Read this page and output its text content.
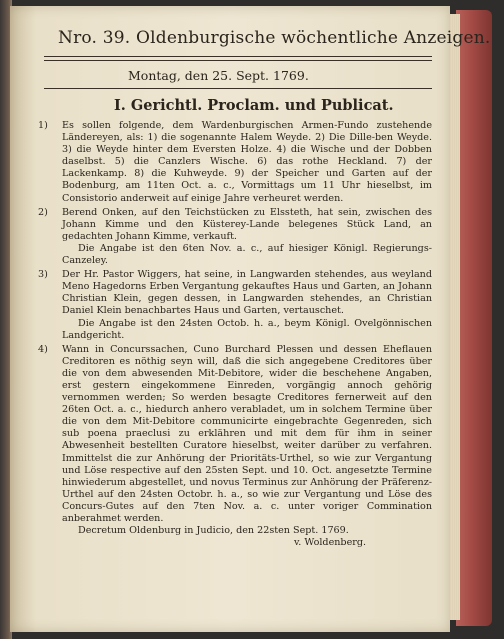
Nro. 39. Oldenburgische wöchentliche Anzeigen.
Montag, den 25. Sept. 1769.
I. Gerichtl. Proclam. und Publicat.
1)	Es sollen folgende, dem Wardenburgischen Armen-Fundo zustehende Ländereyen, als: 1) die sogenannte Halem Weyde. 2) Die Dille-ben Weyde. 3) die Weyde hinter dem Eversten Holze. 4) die Wische und der Dobben daselbst. 5) die Canzlers Wische. 6) das rothe Heckland. 7) der Lackenkamp. 8) die Kuhweyde. 9) der Speicher und Garten auf der Bodenburg, am 11ten Oct. a. c., Vormittags um 11 Uhr hieselbst, im Consistorio anderweit auf einige Jahre verheuret werden.
2)	Berend Onken, auf den Teichstücken zu Elssteth, hat sein, zwischen des Johann Kimme und den Küsterey-Lande belegenes Stück Land, an gedachten Johann Kimme, verkauft.
Die Angabe ist den 6ten Nov. a. c., auf hiesiger Königl. Regierungs-Canzeley.
3)	Der Hr. Pastor Wiggers, hat seine, in Langwarden stehendes, aus weyland Meno Hagedorns Erben Vergantung gekauftes Haus und Garten, an Johann Christian Klein, gegen dessen, in Langwarden stehendes, an Christian Daniel Klein benachbartes Haus und Garten, vertauschet.
Die Angabe ist den 24sten Octob. h. a., beym Königl. Ovelgönnischen Landgericht.
4)	Wann in Concurssachen, Cuno Burchard Plessen und dessen Eheflauen Creditoren es nöthig seyn will, daß die sich angegebene Creditores über die von dem abwesenden Mit-Debitore, wider die beschehene Angaben, erst gestern eingekommene Einreden, vorgängig annoch gehörig vernommen werden; So werden besagte Creditores fernerweit auf den 26ten Oct. a. c., hiedurch anhero verabladet, um in solchem Termine über die von dem Mit-Debitore communicirte eingebrachte Gegenreden, sich sub poena praeclusi zu erklähren und mit dem für ihm in seiner Abwesenheit bestellten Curatore hieselbst, weiter darüber zu verfahren. Immittelst die zur Anhörung der Prioritäts-Urthel, so wie zur Vergantung und Löse respective auf den 25sten Sept. und 10. Oct. angesetzte Termine hinwiederum abgestellet, und novus Terminus zur Anhörung der Präferenz-Urthel auf den 24sten Octobr. h. a., so wie zur Vergantung und Löse des Concurs-Gutes auf den 7ten Nov. a. c. unter voriger Commination anberahmet werden.
Decretum Oldenburg in Judicio, den 22sten Sept. 1769.
v. Woldenberg.
